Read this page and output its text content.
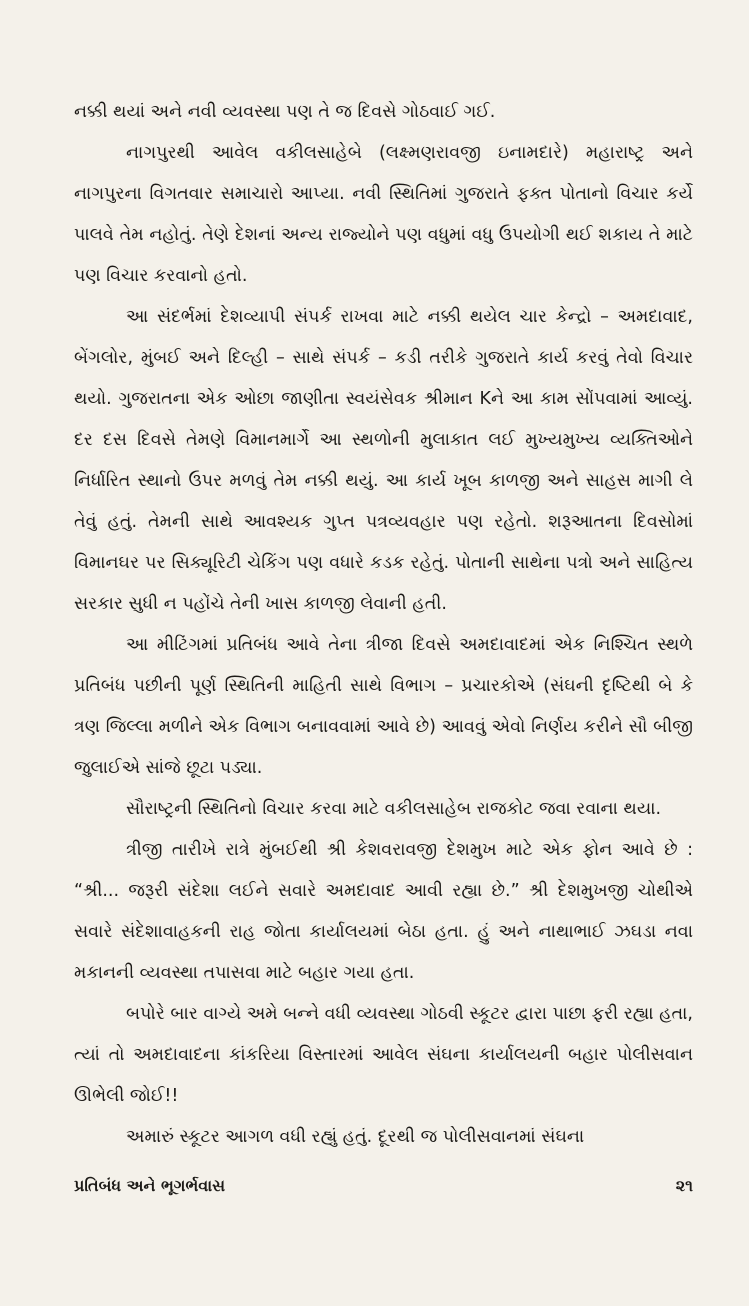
નક્કી થયાં અને નવી વ્યવસ્થા પણ તે જ દિવસે ગોઠવાઈ ગઈ.

નાગપુરથી આવેલ વકીલસાહેબે (લક્ષ્મણરાવજી ઇનામદારે) મહારાષ્ટ્ર અને નાગપુરના વિગતવાર સમાચારો આપ્યા. નવી સ્થિતિમાં ગુજરાતે ફક્ત પોતાનો વિચાર કર્યે પાલવે તેમ નહોતું. તેણે દેશનાં અન્ય રાજ્યોને પણ વધુમાં વધુ ઉપયોગી થઈ શકાય તે માટે પણ વિચાર કરવાનો હતો.

આ સંદર્ભમાં દેશવ્યાપી સંપર્ક રાખવા માટે નક્કી થયેલ ચાર કેન્દ્રો – અમદાવાદ, બેંગલોર, મુંબઈ અને દિલ્હી – સાથે સંપર્ક – કડી તરીકે ગુજરાતે કાર્ય કરવું તેવો વિચાર થયો. ગુજરાતના એક ઓછા જાણીતા સ્વયંસેવક શ્રીમાન Kને આ કામ સોંપવામાં આવ્યું. દર દસ દિવસે તેમણે વિમાનમાર્ગે આ સ્થળોની મુલાકાત લઈ મુખ્યમુખ્ય વ્યક્તિઓને નિર્ધારિત સ્થાનો ઉપર મળવું તેમ નક્કી થયું. આ કાર્ય ખૂબ કાળજી અને સાહસ માગી લે તેવું હતું. તેમની સાથે આવશ્યક ગુપ્ત પત્રવ્યવહાર પણ રહેતો. શરૂઆતના દિવસોમાં વિમાનઘર પર સિક્યૂરિટી ચેકિંગ પણ વધારે કડક રહેતું. પોતાની સાથેના પત્રો અને સાહિત્ય સરકાર સુધી ન પહોંચે તેની ખાસ કાળજી લેવાની હતી.

આ મીટિંગમાં પ્રતિબંધ આવે તેના ત્રીજા દિવસે અમદાવાદમાં એક નિશ્ચિત સ્થળે પ્રતિબંધ પછીની પૂર્ણ સ્થિતિની માહિતી સાથે વિભાગ – પ્રચારકોએ (સંઘની દૃષ્ટિથી બે કે ત્રણ જિલ્લા મળીને એક વિભાગ બનાવવામાં આવે છે) આવવું એવો નિર્ણય કરીને સૌ બીજી જુલાઈએ સાંજે છૂટા પડ્યા.

સૌરાષ્ટ્રની સ્થિતિનો વિચાર કરવા માટે વકીલસાહેબ રાજકોટ જવા રવાના થયા.

ત્રીજી તારીખે રાત્રે મુંબઈથી શ્રી કેશવરાવજી દેશમુખ માટે એક ફોન આવે છે : “શ્રી... જરૂરી સંદેશા લઈને સવારે અમદાવાદ આવી રહ્યા છે.” શ્રી દેશમુખજી ચોથીએ સવારે સંદેશાવાહકની રાહ જોતા કાર્યાલયમાં બેઠા હતા. હું અને નાથાભાઈ ઝઘડા નવા મકાનની વ્યવસ્થા તપાસવા માટે બહાર ગયા હતા.

બપોરે બાર વાગ્યે અમે બન્ને વધી વ્યવસ્થા ગોઠવી સ્કૂટર દ્વારા પાછા ફરી રહ્યા હતા, ત્યાં તો અમદાવાદના કાંકરિયા વિસ્તારમાં આવેલ સંઘના કાર્યાલયની બહાર પોલીસવાન ઊભેલી જોઈ!!

અમારું સ્કૂટર આગળ વધી રહ્યું હતું. દૂરથી જ પોલીસવાનમાં સંઘના

પ્રતિબંધ અને ભૂગર્ભવાસ	૨૧
